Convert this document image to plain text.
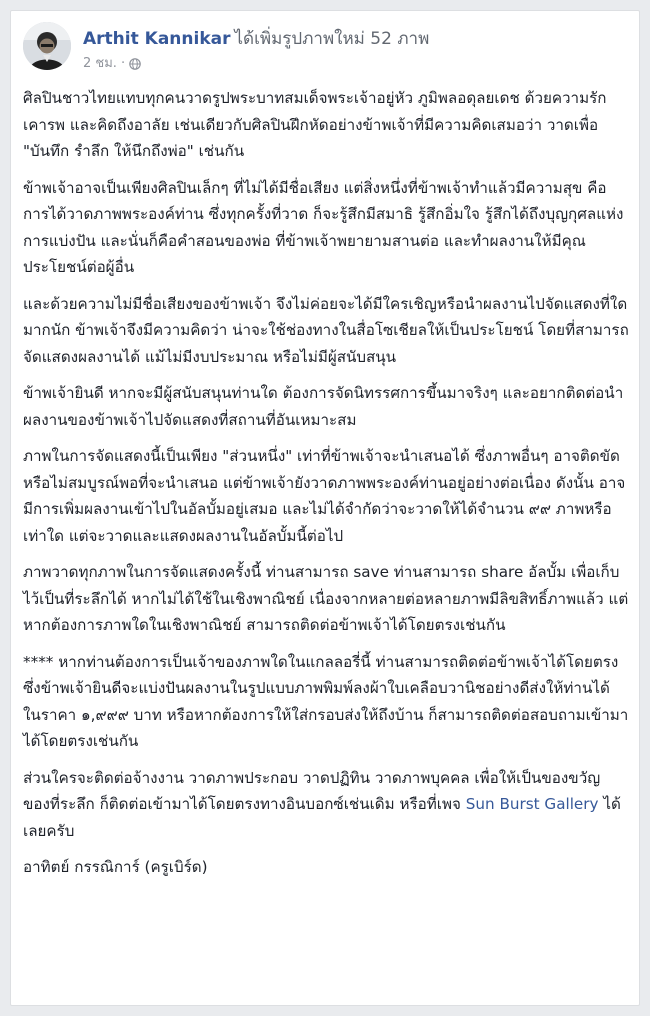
Arthit Kannikar ได้เพิ่มรูปภาพใหม่ 52 ภาพ
2 ชม. ·

ศิลปินชาวไทยแทบทุกคนวาดรูปพระบาทสมเด็จพระเจ้าอยู่หัว ภูมิพลอดุลยเดช ด้วยความรัก เคารพ และคิดถึงอาลัย เช่นเดียวกับศิลปินฝึกหัดอย่างข้าพเจ้าที่มีความคิดเสมอว่า วาดเพื่อ "บันทึก รำลึก ให้นึกถึงพ่อ" เช่นกัน

ข้าพเจ้าอาจเป็นเพียงศิลปินเล็กๆ ที่ไม่ได้มีชื่อเสียง แต่สิ่งหนึ่งที่ข้าพเจ้าทำแล้วมีความสุข คือการได้วาดภาพพระองค์ท่าน ซึ่งทุกครั้งที่วาด ก็จะรู้สึกมีสมาธิ รู้สึกอิ่มใจ รู้สึกได้ถึงบุญกุศลแห่งการแบ่งปัน และนั่นก็คือคำสอนของพ่อ ที่ข้าพเจ้าพยายามสานต่อ และทำผลงานให้มีคุณประโยชน์ต่อผู้อื่น

และด้วยความไม่มีชื่อเสียงของข้าพเจ้า จึงไม่ค่อยจะได้มีใครเชิญหรือนำผลงานไปจัดแสดงที่ใดมากนัก ข้าพเจ้าจึงมีความคิดว่า น่าจะใช้ช่องทางในสื่อโซเชียลให้เป็นประโยชน์ โดยที่สามารถจัดแสดงผลงานได้ แม้ไม่มีงบประมาณ หรือไม่มีผู้สนับสนุน

ข้าพเจ้ายินดี หากจะมีผู้สนับสนุนท่านใด ต้องการจัดนิทรรศการขึ้นมาจริงๆ และอยากติดต่อนำผลงานของข้าพเจ้าไปจัดแสดงที่สถานที่อันเหมาะสม

ภาพในการจัดแสดงนี้เป็นเพียง "ส่วนหนึ่ง" เท่าที่ข้าพเจ้าจะนำเสนอได้ ซึ่งภาพอื่นๆ อาจติดขัดหรือไม่สมบูรณ์พอที่จะนำเสนอ แต่ข้าพเจ้ายังวาดภาพพระองค์ท่านอยู่อย่างต่อเนื่อง ดังนั้น อาจมีการเพิ่มผลงานเข้าไปในอัลบั้มอยู่เสมอ และไม่ได้จำกัดว่าจะวาดให้ได้จำนวน ๙๙ ภาพหรือเท่าใด แต่จะวาดและแสดงผลงานในอัลบั้มนี้ต่อไป

ภาพวาดทุกภาพในการจัดแสดงครั้งนี้ ท่านสามารถ save ท่านสามารถ share อัลบั้ม เพื่อเก็บไว้เป็นที่ระลึกได้ หากไม่ได้ใช้ในเชิงพาณิชย์ เนื่องจากหลายต่อหลายภาพมีลิขสิทธิ์ภาพแล้ว แต่หากต้องการภาพใดในเชิงพาณิชย์ สามารถติดต่อข้าพเจ้าได้โดยตรงเช่นกัน

**** หากท่านต้องการเป็นเจ้าของภาพใดในแกลลอรี่นี้ ท่านสามารถติดต่อข้าพเจ้าได้โดยตรง ซึ่งข้าพเจ้ายินดีจะแบ่งปันผลงานในรูปแบบภาพพิมพ์ลงผ้าใบเคลือบวานิชอย่างดีส่งให้ท่านได้ ในราคา ๑,๙๙๙ บาท หรือหากต้องการให้ใส่กรอบส่งให้ถึงบ้าน ก็สามารถติดต่อสอบถามเข้ามาได้โดยตรงเช่นกัน

ส่วนใครจะติดต่อจ้างงาน วาดภาพประกอบ วาดปฏิทิน วาดภาพบุคคล เพื่อให้เป็นของขวัญ ของที่ระลึก ก็ติดต่อเข้ามาได้โดยตรงทางอินบอกซ์เช่นเดิม หรือที่เพจ Sun Burst Gallery ได้เลยครับ

อาทิตย์ กรรณิการ์ (ครูเบิร์ด)
